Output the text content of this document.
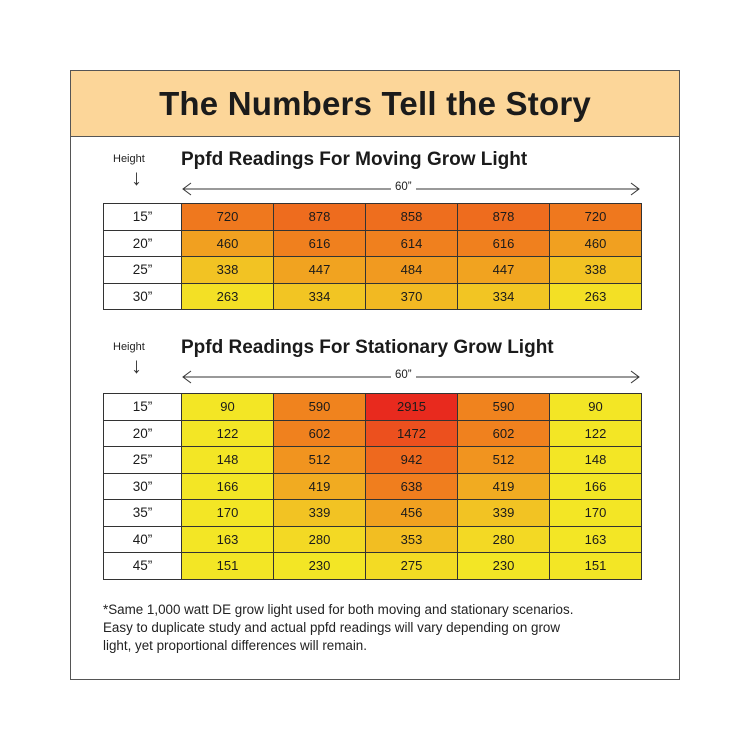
The Numbers Tell the Story
Height
↓
Ppfd Readings For Moving Grow Light
60”
15”	720	878	858	878	720
20”	460	616	614	616	460
25”	338	447	484	447	338
30”	263	334	370	334	263
Height
↓
Ppfd Readings For Stationary Grow Light
60”
15”	90	590	2915	590	90
20”	122	602	1472	602	122
25”	148	512	942	512	148
30”	166	419	638	419	166
35”	170	339	456	339	170
40”	163	280	353	280	163
45”	151	230	275	230	151
*Same 1,000 watt DE grow light used for both moving and stationary scenarios.
Easy to duplicate study and actual ppfd readings will vary depending on grow
light, yet proportional differences will remain.
